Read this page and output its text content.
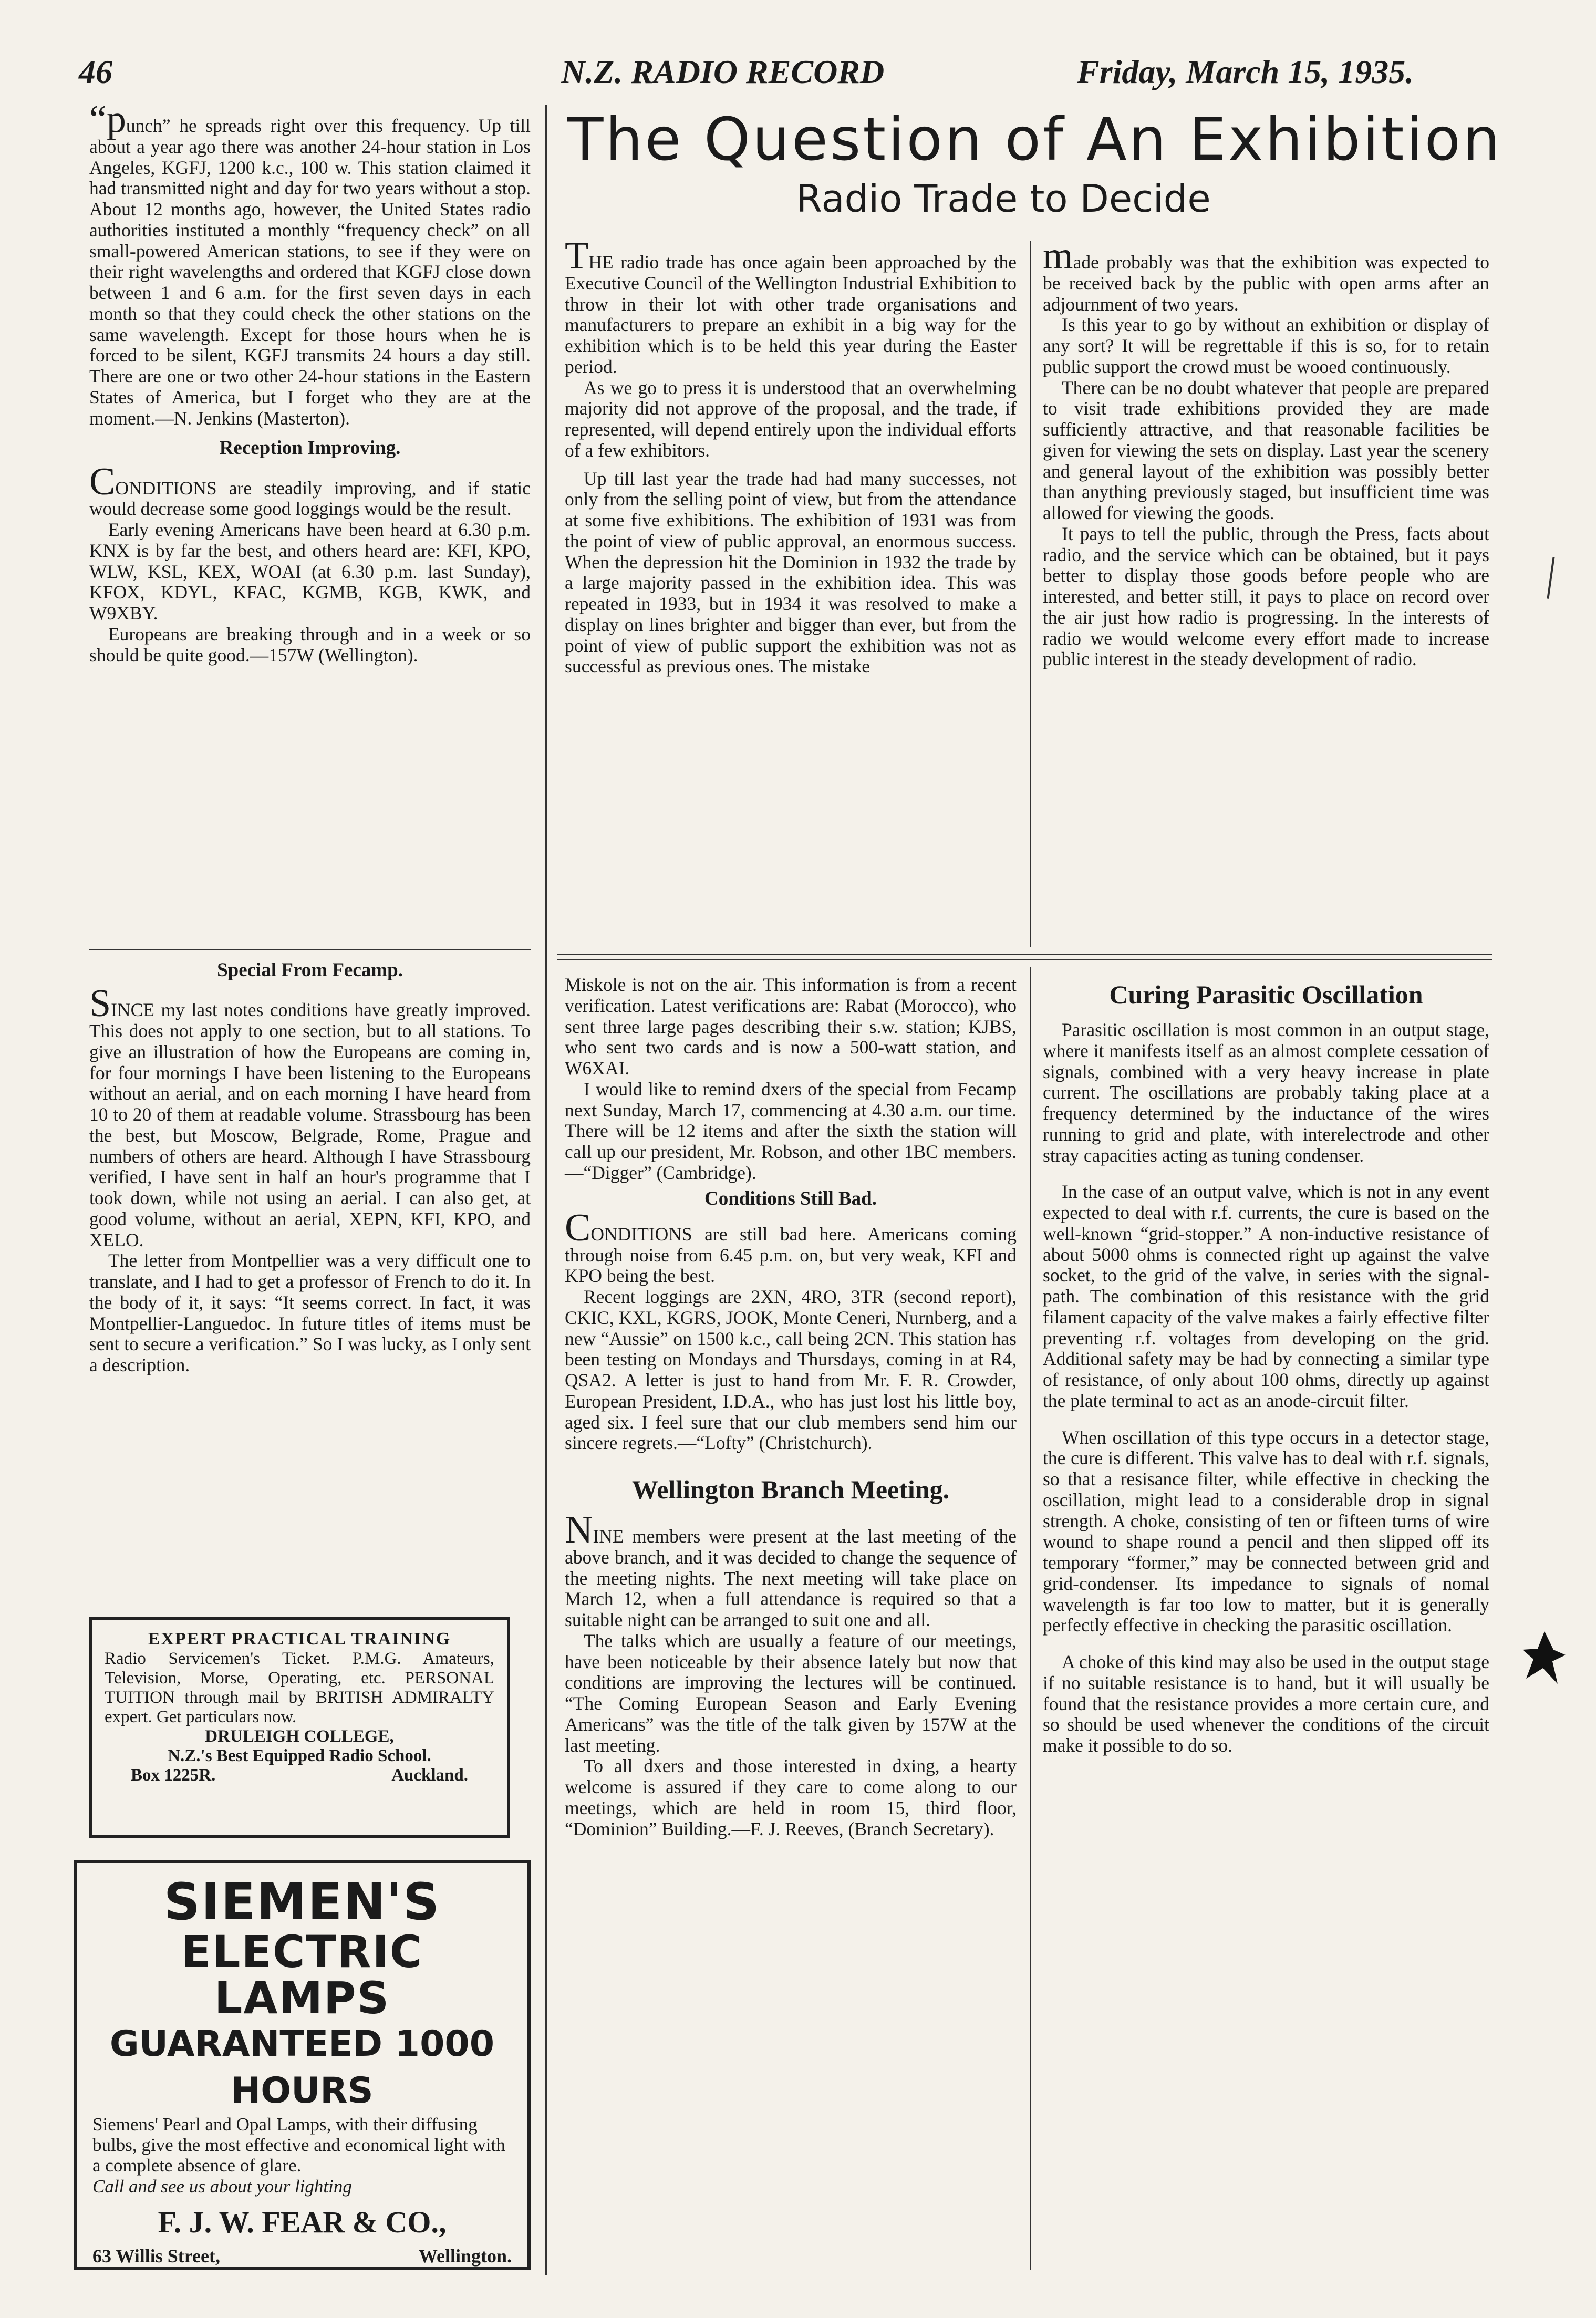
46	N.Z. RADIO RECORD	Friday, March 15, 1935.

“punch” he spreads right over this frequency. Up till about a year ago there was another 24-hour station in Los Angeles, KGFJ, 1200 k.c., 100 w. This station claimed it had transmitted night and day for two years without a stop. About 12 months ago, however, the United States radio authorities instituted a monthly “frequency check” on all small-powered American stations, to see if they were on their right wavelengths and ordered that KGFJ close down between 1 and 6 a.m. for the first seven days in each month so that they could check the other stations on the same wavelength. Except for those hours when he is forced to be silent, KGFJ transmits 24 hours a day still. There are one or two other 24-hour stations in the Eastern States of America, but I forget who they are at the moment.—N. Jenkins (Masterton).

Reception Improving.

CONDITIONS are steadily improving, and if static would decrease some good loggings would be the result.

Early evening Americans have been heard at 6.30 p.m. KNX is by far the best, and others heard are: KFI, KPO, WLW, KSL, KEX, WOAI (at 6.30 p.m. last Sunday), KFOX, KDYL, KFAC, KGMB, KGB, KWK, and W9XBY.

Europeans are breaking through and in a week or so should be quite good.—157W (Wellington).

Special From Fecamp.

SINCE my last notes conditions have greatly improved. This does not apply to one section, but to all stations. To give an illustration of how the Europeans are coming in, for four mornings I have been listening to the Europeans without an aerial, and on each morning I have heard from 10 to 20 of them at readable volume. Strassbourg has been the best, but Moscow, Belgrade, Rome, Prague and numbers of others are heard. Although I have Strassbourg verified, I have sent in half an hour's programme that I took down, while not using an aerial. I can also get, at good volume, without an aerial, XEPN, KFI, KPO, and XELO.

The letter from Montpellier was a very difficult one to translate, and I had to get a professor of French to do it. In the body of it, it says: “It seems correct. In fact, it was Montpellier-Languedoc. In future titles of items must be sent to secure a verification.” So I was lucky, as I only sent a description.

EXPERT PRACTICAL TRAINING
Radio Servicemen's Ticket. P.M.G. Amateurs, Television, Morse, Operating, etc. PERSONAL TUITION through mail by BRITISH ADMIRALTY expert. Get particulars now.
DRULEIGH COLLEGE,
N.Z.'s Best Equipped Radio School.
Box 1225R.	Auckland.
SIEMEN'S
ELECTRIC LAMPS
GUARANTEED 1000 HOURS
Siemens' Pearl and Opal Lamps, with their diffusing bulbs, give the most effective and economical light with a complete absence of glare.
Call and see us about your lighting
F. J. W. FEAR & CO.,
63 Willis Street,	Wellington.
The Question of An Exhibition
Radio Trade to Decide

THE radio trade has once again been approached by the Executive Council of the Wellington Industrial Exhibition to throw in their lot with other trade organisations and manufacturers to prepare an exhibit in a big way for the exhibition which is to be held this year during the Easter period.

As we go to press it is understood that an overwhelming majority did not approve of the proposal, and the trade, if represented, will depend entirely upon the individual efforts of a few exhibitors.

Up till last year the trade had had many successes, not only from the selling point of view, but from the attendance at some five exhibitions. The exhibition of 1931 was from the point of view of public approval, an enormous success. When the depression hit the Dominion in 1932 the trade by a large majority passed in the exhibition idea. This was repeated in 1933, but in 1934 it was resolved to make a display on lines brighter and bigger than ever, but from the point of view of public support the exhibition was not as successful as previous ones. The mistake

made probably was that the exhibition was expected to be received back by the public with open arms after an adjournment of two years.

Is this year to go by without an exhibition or display of any sort? It will be regrettable if this is so, for to retain public support the crowd must be wooed continuously.

There can be no doubt whatever that people are prepared to visit trade exhibitions provided they are made sufficiently attractive, and that reasonable facilities be given for viewing the sets on display. Last year the scenery and general layout of the exhibition was possibly better than anything previously staged, but insufficient time was allowed for viewing the goods.

It pays to tell the public, through the Press, facts about radio, and the service which can be obtained, but it pays better to display those goods before people who are interested, and better still, it pays to place on record over the air just how radio is progressing. In the interests of radio we would welcome every effort made to increase public interest in the steady development of radio.

Miskole is not on the air. This information is from a recent verification. Latest verifications are: Rabat (Morocco), who sent three large pages describing their s.w. station; KJBS, who sent two cards and is now a 500-watt station, and W6XAI.

I would like to remind dxers of the special from Fecamp next Sunday, March 17, commencing at 4.30 a.m. our time. There will be 12 items and after the sixth the station will call up our president, Mr. Robson, and other 1BC members.—“Digger” (Cambridge).

Conditions Still Bad.

CONDITIONS are still bad here. Americans coming through noise from 6.45 p.m. on, but very weak, KFI and KPO being the best.

Recent loggings are 2XN, 4RO, 3TR (second report), CKIC, KXL, KGRS, JOOK, Monte Ceneri, Nurnberg, and a new “Aussie” on 1500 k.c., call being 2CN. This station has been testing on Mondays and Thursdays, coming in at R4, QSA2. A letter is just to hand from Mr. F. R. Crowder, European President, I.D.A., who has just lost his little boy, aged six. I feel sure that our club members send him our sincere regrets.—“Lofty” (Christchurch).

Wellington Branch Meeting.

NINE members were present at the last meeting of the above branch, and it was decided to change the sequence of the meeting nights. The next meeting will take place on March 12, when a full attendance is required so that a suitable night can be arranged to suit one and all.

The talks which are usually a feature of our meetings, have been noticeable by their absence lately but now that conditions are improving the lectures will be continued. “The Coming European Season and Early Evening Americans” was the title of the talk given by 157W at the last meeting.

To all dxers and those interested in dxing, a hearty welcome is assured if they care to come along to our meetings, which are held in room 15, third floor, “Dominion” Building.—F. J. Reeves, (Branch Secretary).

Curing Parasitic Oscillation

Parasitic oscillation is most common in an output stage, where it manifests itself as an almost complete cessation of signals, combined with a very heavy increase in plate current. The oscillations are probably taking place at a frequency determined by the inductance of the wires running to grid and plate, with interelectrode and other stray capacities acting as tuning condenser.

In the case of an output valve, which is not in any event expected to deal with r.f. currents, the cure is based on the well-known “grid-stopper.” A non-inductive resistance of about 5000 ohms is connected right up against the valve socket, to the grid of the valve, in series with the signal-path. The combination of this resistance with the grid filament capacity of the valve makes a fairly effective filter preventing r.f. voltages from developing on the grid. Additional safety may be had by connecting a similar type of resistance, of only about 100 ohms, directly up against the plate terminal to act as an anode-circuit filter.

When oscillation of this type occurs in a detector stage, the cure is different. This valve has to deal with r.f. signals, so that a resisance filter, while effective in checking the oscillation, might lead to a considerable drop in signal strength. A choke, consisting of ten or fifteen turns of wire wound to shape round a pencil and then slipped off its temporary “former,” may be connected between grid and grid-condenser. Its impedance to signals of nomal wavelength is far too low to matter, but it is generally perfectly effective in checking the parasitic oscillation.

A choke of this kind may also be used in the output stage if no suitable resistance is to hand, but it will usually be found that the resistance provides a more certain cure, and so should be used whenever the conditions of the circuit make it possible to do so.
